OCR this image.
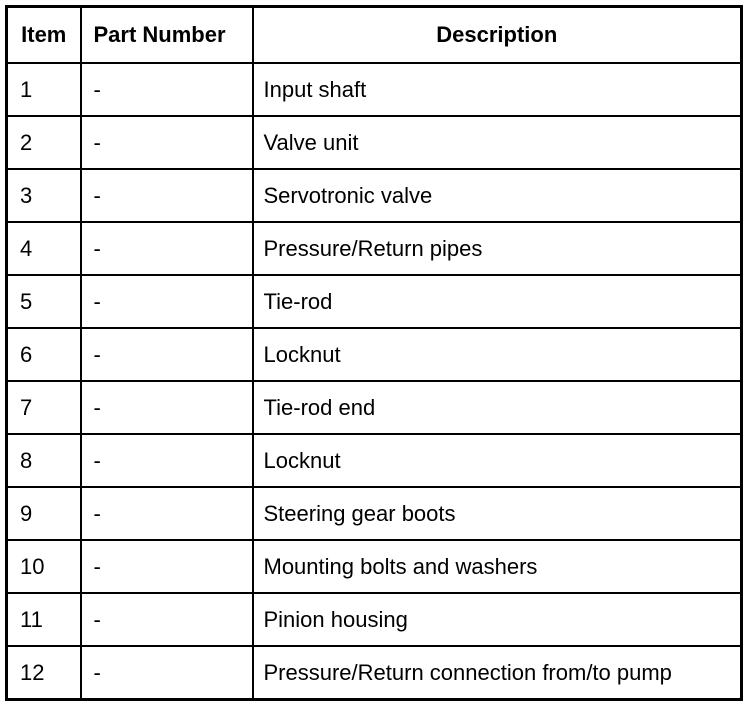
Item	Part Number	Description
1	-	Input shaft
2	-	Valve unit
3	-	Servotronic valve
4	-	Pressure/Return pipes
5	-	Tie-rod
6	-	Locknut
7	-	Tie-rod end
8	-	Locknut
9	-	Steering gear boots
10	-	Mounting bolts and washers
11	-	Pinion housing
12	-	Pressure/Return connection from/to pump
